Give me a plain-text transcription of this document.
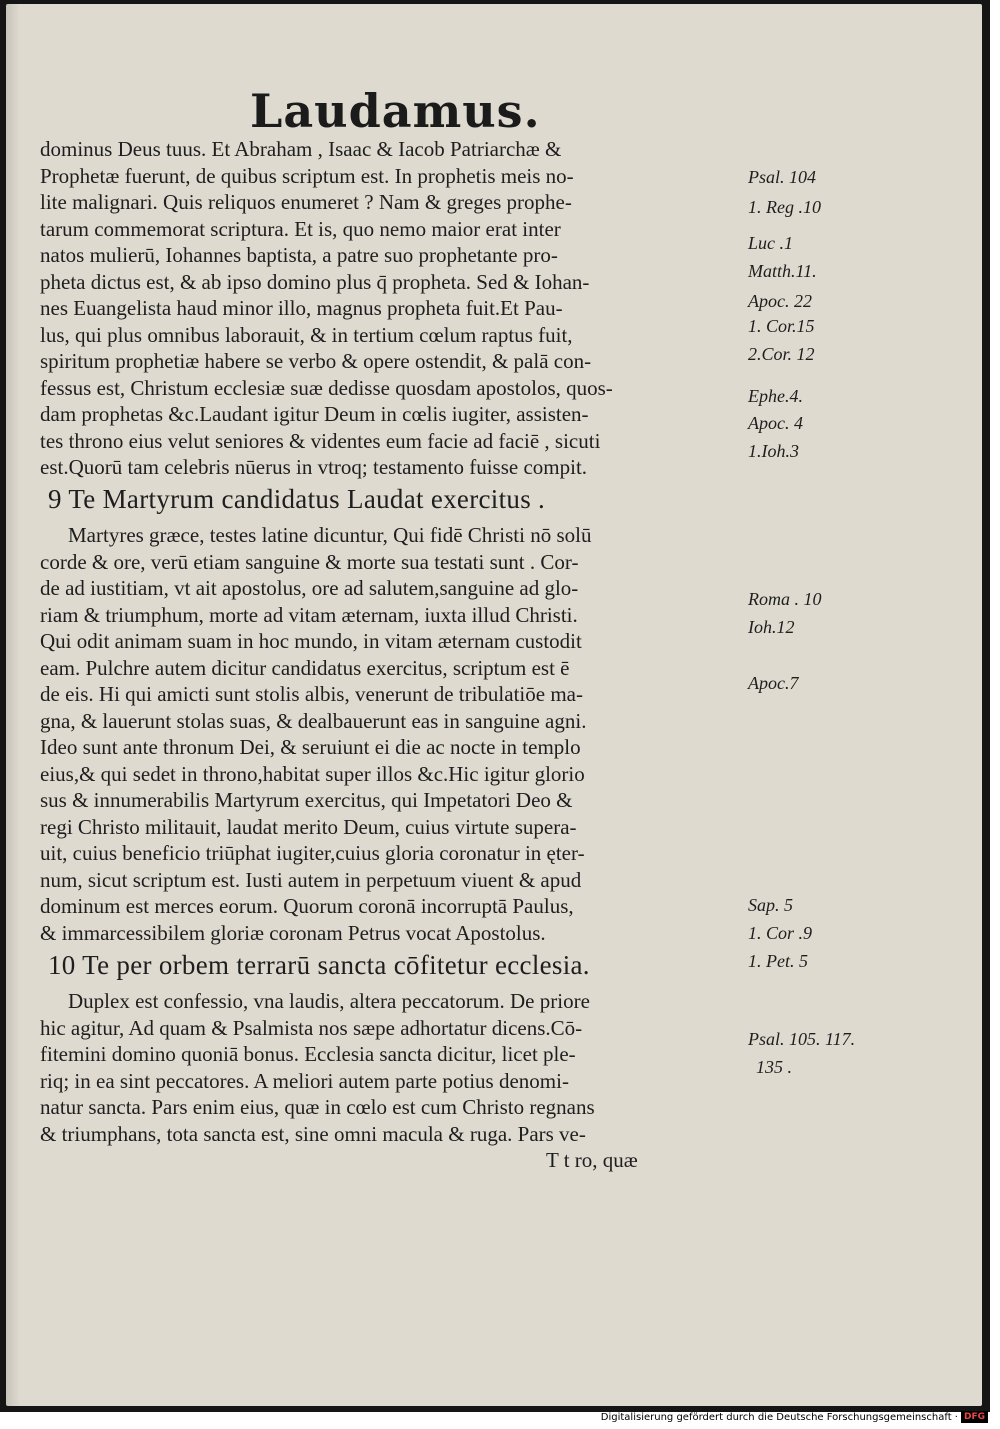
Laudamus.
dominus Deus tuus. Et Abraham , Isaac & Iacob Patriarchæ &
Prophetæ fuerunt, de quibus scriptum est. In prophetis meis no-
lite malignari. Quis reliquos enumeret ? Nam & greges prophe-
tarum commemorat scriptura. Et is, quo nemo maior erat inter
natos mulierū, Iohannes baptista, a patre suo prophetante pro-
pheta dictus est, & ab ipso domino plus q̄ propheta. Sed & Iohan-
nes Euangelista haud minor illo, magnus propheta fuit.Et Pau-
lus, qui plus omnibus laborauit, & in tertium cœlum raptus fuit,
spiritum prophetiæ habere se verbo & opere ostendit, & palā con-
fessus est, Christum ecclesiæ suæ dedisse quosdam apostolos, quos-
dam prophetas &c.Laudant igitur Deum in cœlis iugiter, assisten-
tes throno eius velut seniores & videntes eum facie ad faciē , sicuti
est.Quorū tam celebris nūerus in vtroq; testamento fuisse compit.
9 Te Martyrum candidatus Laudat exercitus .
Martyres græce, testes latine dicuntur, Qui fidē Christi nō solū
corde & ore, verū etiam sanguine & morte sua testati sunt . Cor-
de ad iustitiam, vt ait apostolus, ore ad salutem,sanguine ad glo-
riam & triumphum, morte ad vitam æternam, iuxta illud Christi.
Qui odit animam suam in hoc mundo, in vitam æternam custodit
eam. Pulchre autem dicitur candidatus exercitus, scriptum est ē
de eis. Hi qui amicti sunt stolis albis, venerunt de tribulatiōe ma-
gna, & lauerunt stolas suas, & dealbauerunt eas in sanguine agni.
Ideo sunt ante thronum Dei, & seruiunt ei die ac nocte in templo
eius,& qui sedet in throno,habitat super illos &c.Hic igitur glorio
sus & innumerabilis Martyrum exercitus, qui Impetatori Deo &
regi Christo militauit, laudat merito Deum, cuius virtute supera-
uit, cuius beneficio triūphat iugiter,cuius gloria coronatur in ęter-
num, sicut scriptum est. Iusti autem in perpetuum viuent & apud
dominum est merces eorum. Quorum coronā incorruptā Paulus,
& immarcessibilem gloriæ coronam Petrus vocat Apostolus.
10 Te per orbem terrarū sancta cōfitetur ecclesia.
Duplex est confessio, vna laudis, altera peccatorum. De priore
hic agitur, Ad quam & Psalmista nos sæpe adhortatur dicens.Cō-
fitemini domino quoniā bonus. Ecclesia sancta dicitur, licet ple-
riq; in ea sint peccatores. A meliori autem parte potius denomi-
natur sancta. Pars enim eius, quæ in cœlo est cum Christo regnans
& triumphans, tota sancta est, sine omni macula & ruga. Pars ve-
T t ro, quæ
Psal. 104
1. Reg .10
Luc .1
Matth.11.
Apoc. 22
1. Cor.15
2.Cor. 12
Ephe.4.
Apoc. 4
1.Ioh.3
Roma . 10
Ioh.12
Apoc.7
Sap. 5
1. Cor .9
1. Pet. 5
Psal. 105. 117.
135 .
Digitalisierung gefördert durch die Deutsche Forschungsgemeinschaft · DFG
